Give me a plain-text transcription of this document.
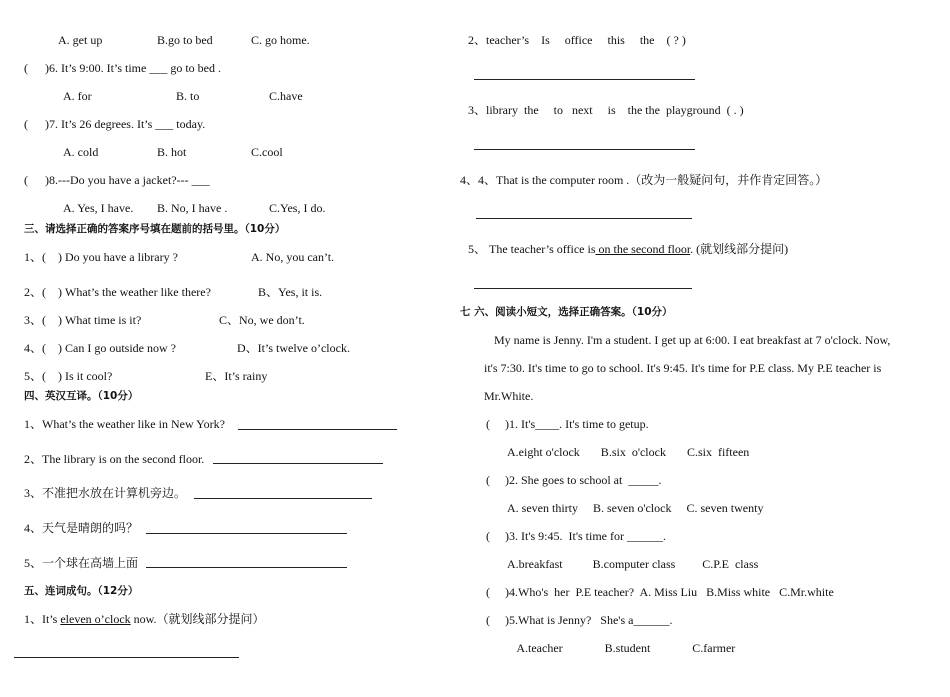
A. get up	B.go to bed	C. go home.
( )6. It’s 9:00. It’s time ___ go to bed .
A. for	B. to	C.have
( )7. It’s 26 degrees. It’s ___ today.
A. cold	B. hot	C.cool
( )8.---Do you have a jacket?--- ___
A. Yes, I have. B. No, I have .	C.Yes, I do.
三、请选择正确的答案序号填在题前的括号里。（10分）
1、(    ) Do you have a library ?	A. No, you can’t.
2、(    ) What’s the weather like there?	B、Yes, it is.
3、(    ) What time is it?	C、No, we don’t.
4、(    ) Can I go outside now ?	D、It’s twelve o’clock.
5、(    ) Is it cool?	E、It’s rainy
四、英汉互译。（10分）
1、What’s the weather like in New York?
2、The library is on the second floor.
3、不准把水放在计算机旁边。
4、天气是晴朗的吗？
5、一个球在高墙上面
五、连词成句。（12分）
1、It’s eleven o’clock now.（就划线部分提问）
2、teacher’s    Is     office     this     the    ( ? )
3、library  the     to   next     is    the the  playground  ( . )
4、4、That is the computer room .（改为一般疑问句，并作肯定回答。）
5、 The teacher’s office is on the second floor. (就划线部分提问)
七 六、阅读小短文，选择正确答案。（10分）
My name is Jenny. I'm a student. I get up at 6:00. I eat breakfast at 7 o'clock. Now,
it's 7:30. It's time to go to school. It's 9:45. It's time for P.E class. My P.E teacher is
Mr.White.
( )1. It's____. It's time to getup.
A.eight o'clock       B.six  o'clock       C.six  fifteen
( )2. She goes to school at  _____.
A. seven thirty     B. seven o'clock     C. seven twenty
( )3. It's 9:45.  It's time for ______.
A.breakfast          B.computer class         C.P.E  class
( )4.Who's  her  P.E teacher?  A. Miss Liu   B.Miss white   C.Mr.white
( )5.What is Jenny?   She's a______.
A.teacher              B.student              C.farmer
